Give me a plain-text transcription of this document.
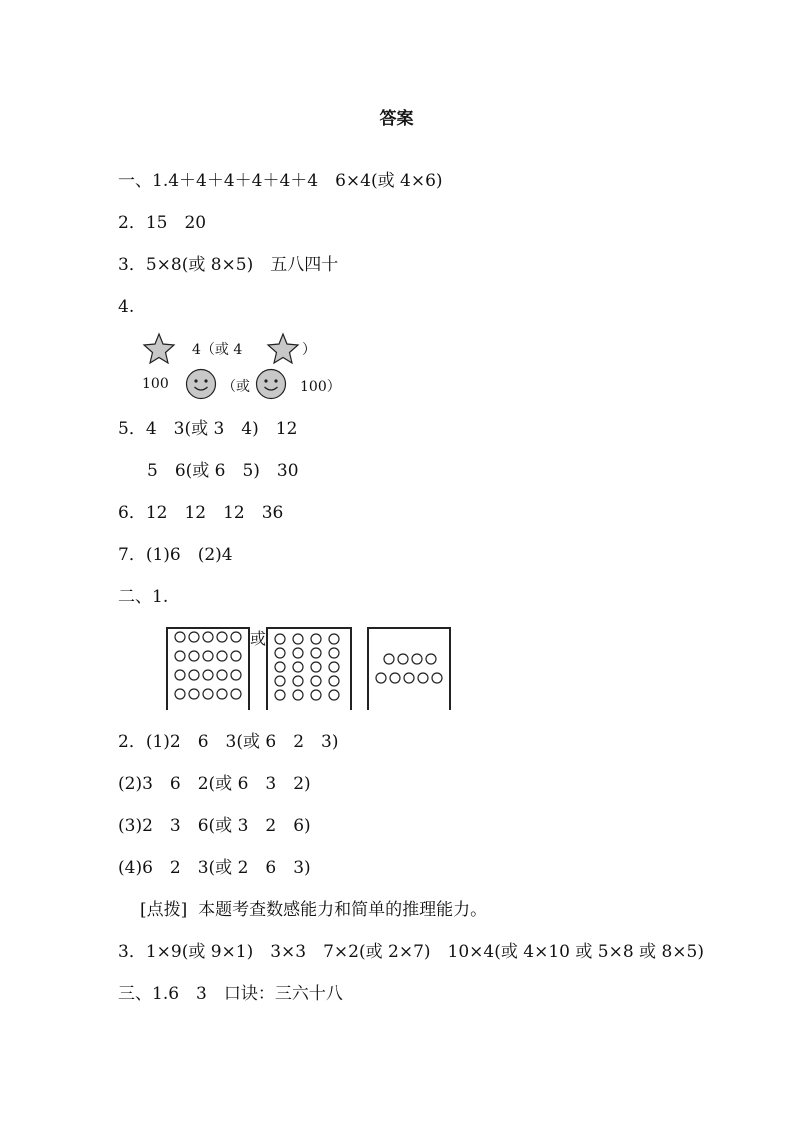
答案
一、1.4＋4＋4＋4＋4＋4　6×4(或 4×6)
2．15　20
3．5×8(或 8×5)　五八四十
4.
4（或 4	）
100	（或	100）
5．4　3(或 3　4)　12
5　6(或 6　5)　30
6．12　12　12　36
7．(1)6　(2)4
二、1.
或
2．(1)2　6　3(或 6　2　3)
(2)3　6　2(或 6　3　2)
(3)2　3　6(或 3　2　6)
(4)6　2　3(或 2　6　3)
[点拨]  本题考查数感能力和简单的推理能力。
3．1×9(或 9×1)　3×3　7×2(或 2×7)　10×4(或 4×10 或 5×8 或 8×5)
三、1.6　3　口诀：三六十八
